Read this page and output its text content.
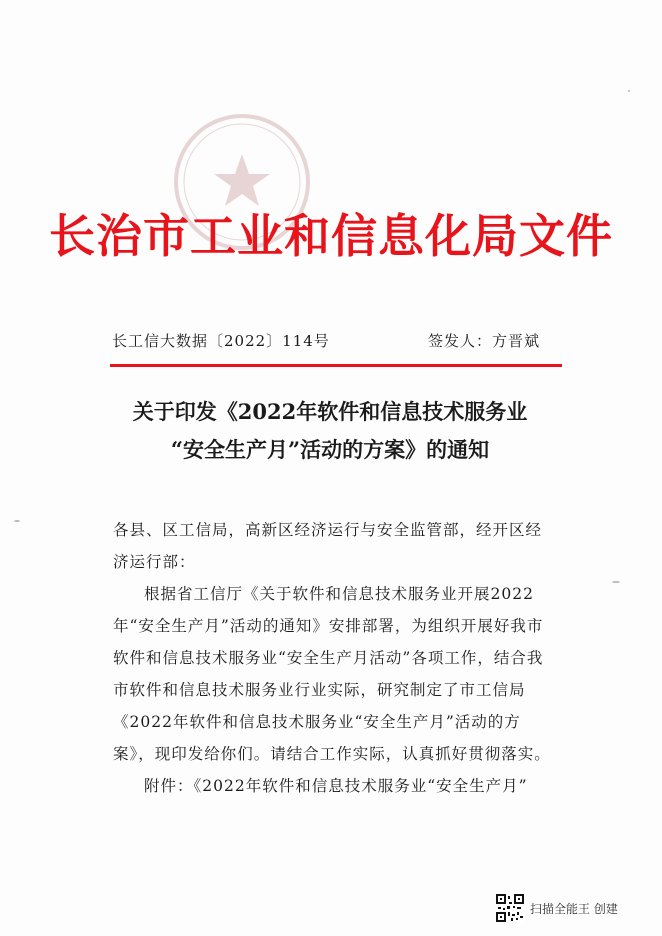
长治市工业和信息化局文件
长工信大数据〔2022〕114号	签发人：方晋斌
关于印发《2022年软件和信息技术服务业
“安全生产月”活动的方案》的通知

各县、区工信局，高新区经济运行与安全监管部，经开区经济运行部：

根据省工信厅《关于软件和信息技术服务业开展2022年“安全生产月”活动的通知》安排部署，为组织开展好我市软件和信息技术服务业“安全生产月活动”各项工作，结合我市软件和信息技术服务业行业实际，研究制定了市工信局《2022年软件和信息技术服务业“安全生产月”活动的方案》，现印发给你们。请结合工作实际，认真抓好贯彻落实。

附件：《2022年软件和信息技术服务业“安全生产月”

扫描全能王 创建
